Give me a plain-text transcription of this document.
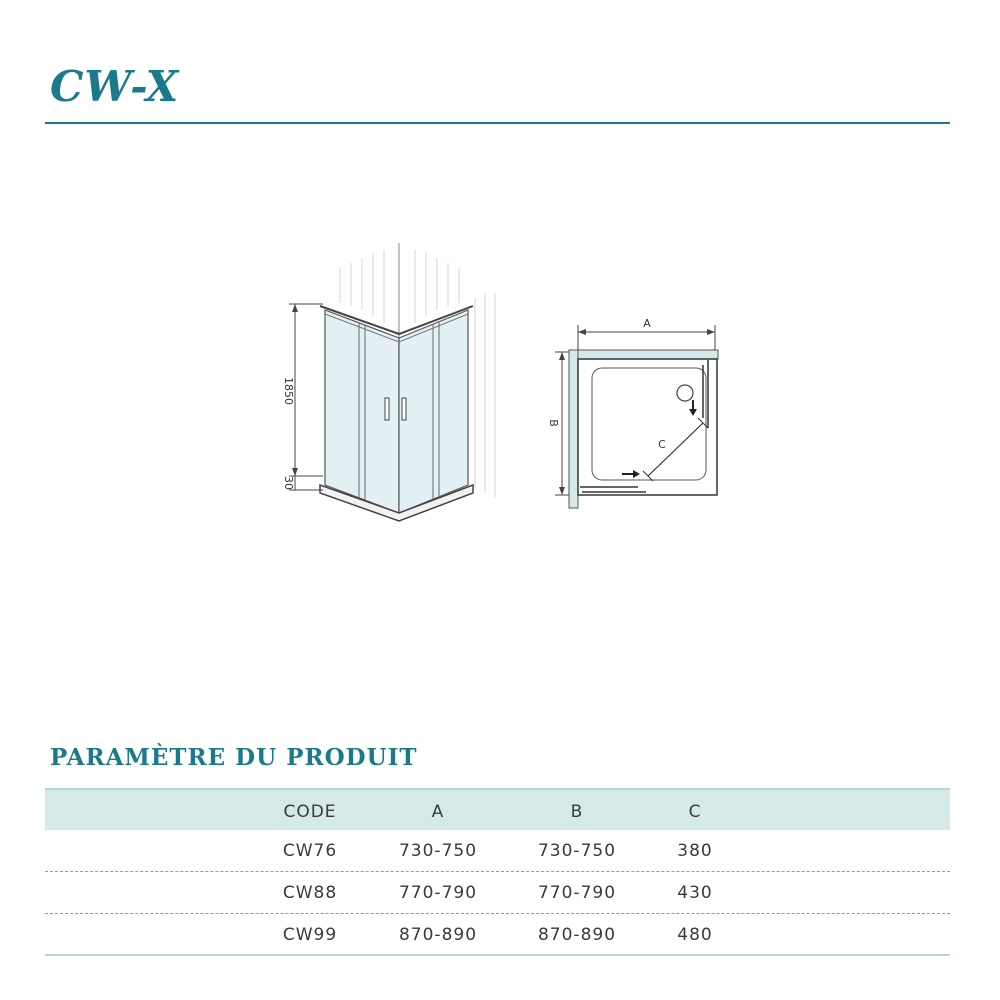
CW-X
1850
30
A
B
C
PARAMÈTRE DU PRODUIT
CODE	A	B	C
CW76	730-750	730-750	380
CW88	770-790	770-790	430
CW99	870-890	870-890	480
